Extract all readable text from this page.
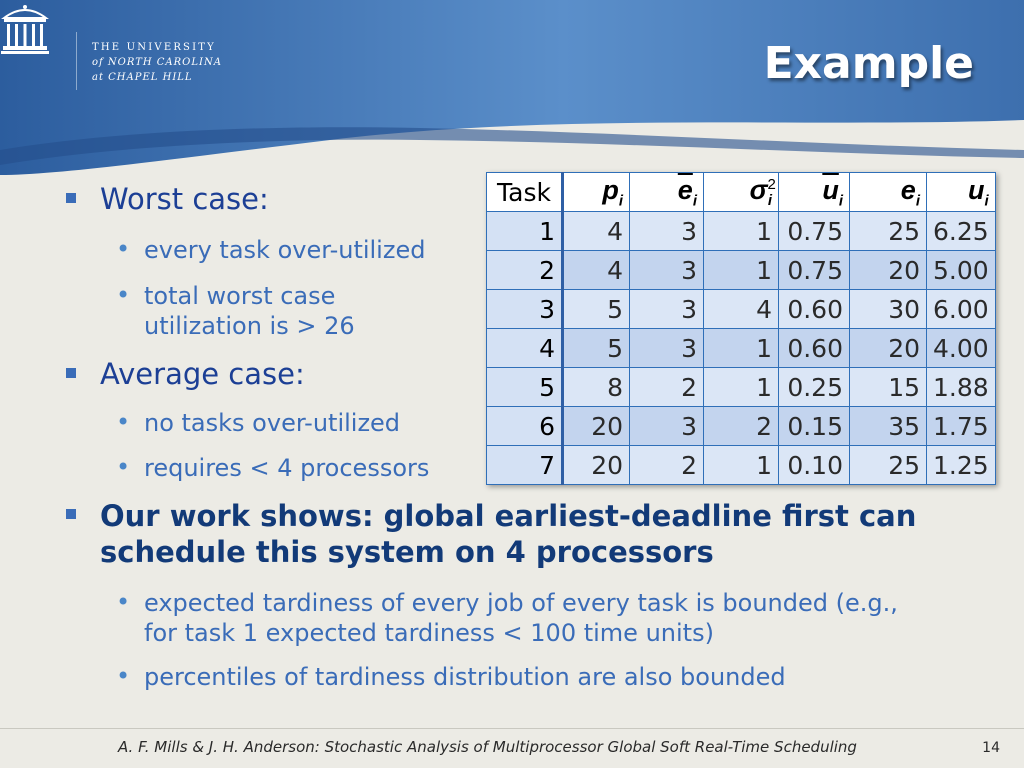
THE UNIVERSITY
of NORTH CAROLINA
at CHAPEL HILL	Example
Worst case:
• every task over-utilized
• total worst case
utilization is > 26
Average case:
• no tasks over-utilized
• requires < 4 processors
Our work shows: global earliest-deadline first can
schedule this system on 4 processors
• expected tardiness of every job of every task is bounded (e.g.,
for task 1 expected tardiness < 100 time units)
• percentiles of tardiness distribution are also bounded
Task	$p_i$	$\overline{e}_i$	$\sigma^2_i$	$\overline{u}_i$	$e_i$	$u_i$
1	4	3	1	0.75	25	6.25
2	4	3	1	0.75	20	5.00
3	5	3	4	0.60	30	6.00
4	5	3	1	0.60	20	4.00
5	8	2	1	0.25	15	1.88
6	20	3	2	0.15	35	1.75
7	20	2	1	0.10	25	1.25
A. F. Mills & J. H. Anderson: Stochastic Analysis of Multiprocessor Global Soft Real-Time Scheduling	14
